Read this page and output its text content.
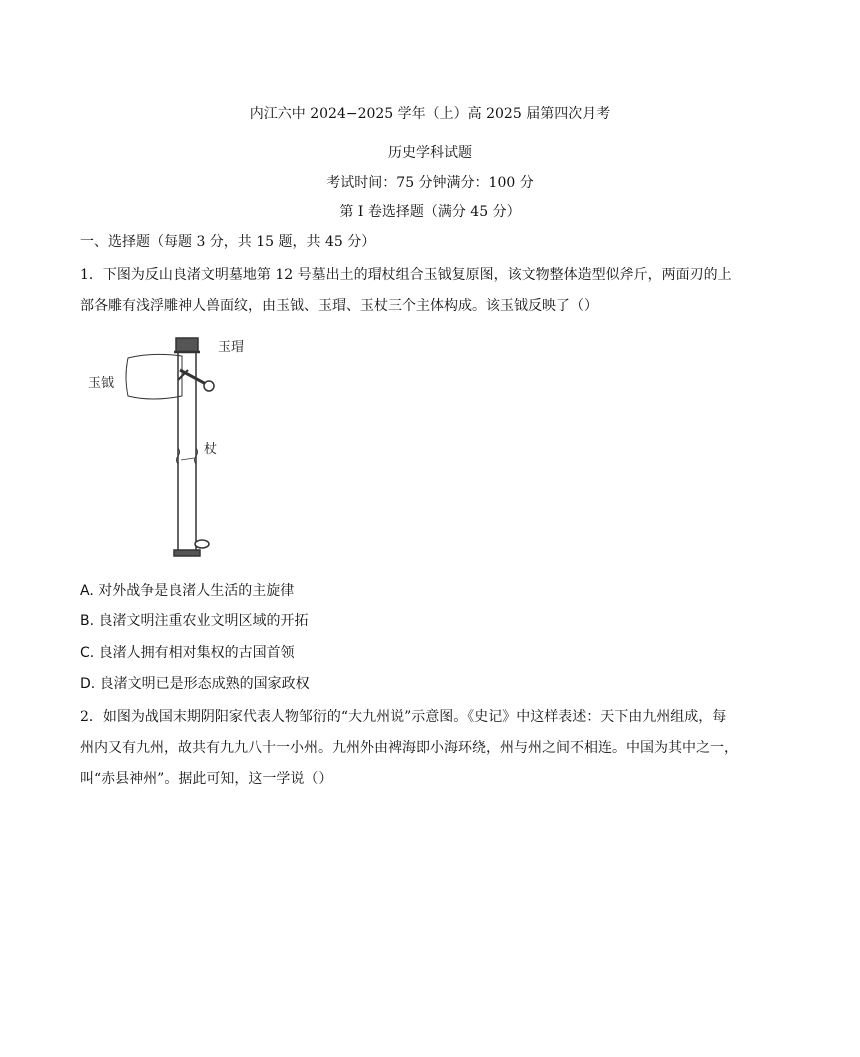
内江六中 2024−2025 学年（上）高 2025 届第四次月考
历史学科试题
考试时间：75 分钟满分：100 分
第 I 卷选择题（满分 45 分）
一、选择题（每题 3 分，共 15 题，共 45 分）
1．下图为反山良渚文明墓地第 12 号墓出土的瑁杖组合玉钺复原图，该文物整体造型似斧斤，两面刃的上部各雕有浅浮雕神人兽面纹，由玉钺、玉瑁、玉杖三个主体构成。该玉钺反映了（）
玉瑁
玉钺
杖
A. 对外战争是良渚人生活的主旋律
B. 良渚文明注重农业文明区域的开拓
C. 良渚人拥有相对集权的古国首领
D. 良渚文明已是形态成熟的国家政权
2．如图为战国末期阴阳家代表人物邹衍的“大九州说”示意图。《史记》中这样表述：天下由九州组成，每州内又有九州，故共有九九八十一小州。九州外由裨海即小海环绕，州与州之间不相连。中国为其中之一，叫“赤县神州”。据此可知，这一学说（）
